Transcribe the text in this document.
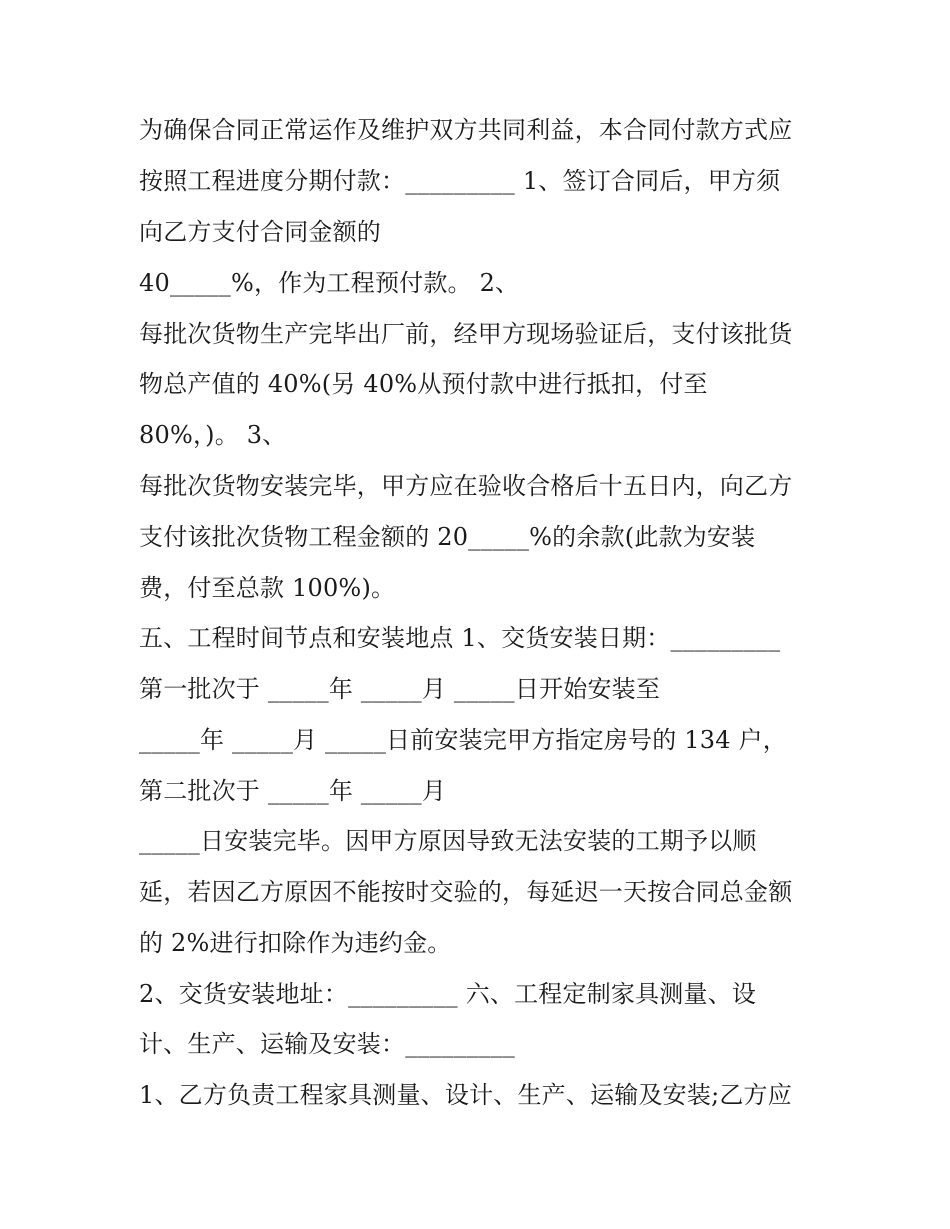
为确保合同正常运作及维护双方共同利益，本合同付款方式应
按照工程进度分期付款：_________ 1、签订合同后，甲方须
向乙方支付合同金额的
40_____%，作为工程预付款。 2、
每批次货物生产完毕出厂前，经甲方现场验证后，支付该批货
物总产值的 40%(另 40%从预付款中进行抵扣，付至
80%，)。 3、
每批次货物安装完毕，甲方应在验收合格后十五日内，向乙方
支付该批次货物工程金额的 20_____%的余款(此款为安装
费，付至总款 100%)。
五、工程时间节点和安装地点 1、交货安装日期：_________
第一批次于 _____年 _____月 _____日开始安装至
_____年 _____月 _____日前安装完甲方指定房号的 134 户，
第二批次于 _____年 _____月
_____日安装完毕。因甲方原因导致无法安装的工期予以顺
延，若因乙方原因不能按时交验的，每延迟一天按合同总金额
的 2%进行扣除作为违约金。
2、交货安装地址：_________ 六、工程定制家具测量、设
计、生产、运输及安装：_________
1、乙方负责工程家具测量、设计、生产、运输及安装;乙方应
